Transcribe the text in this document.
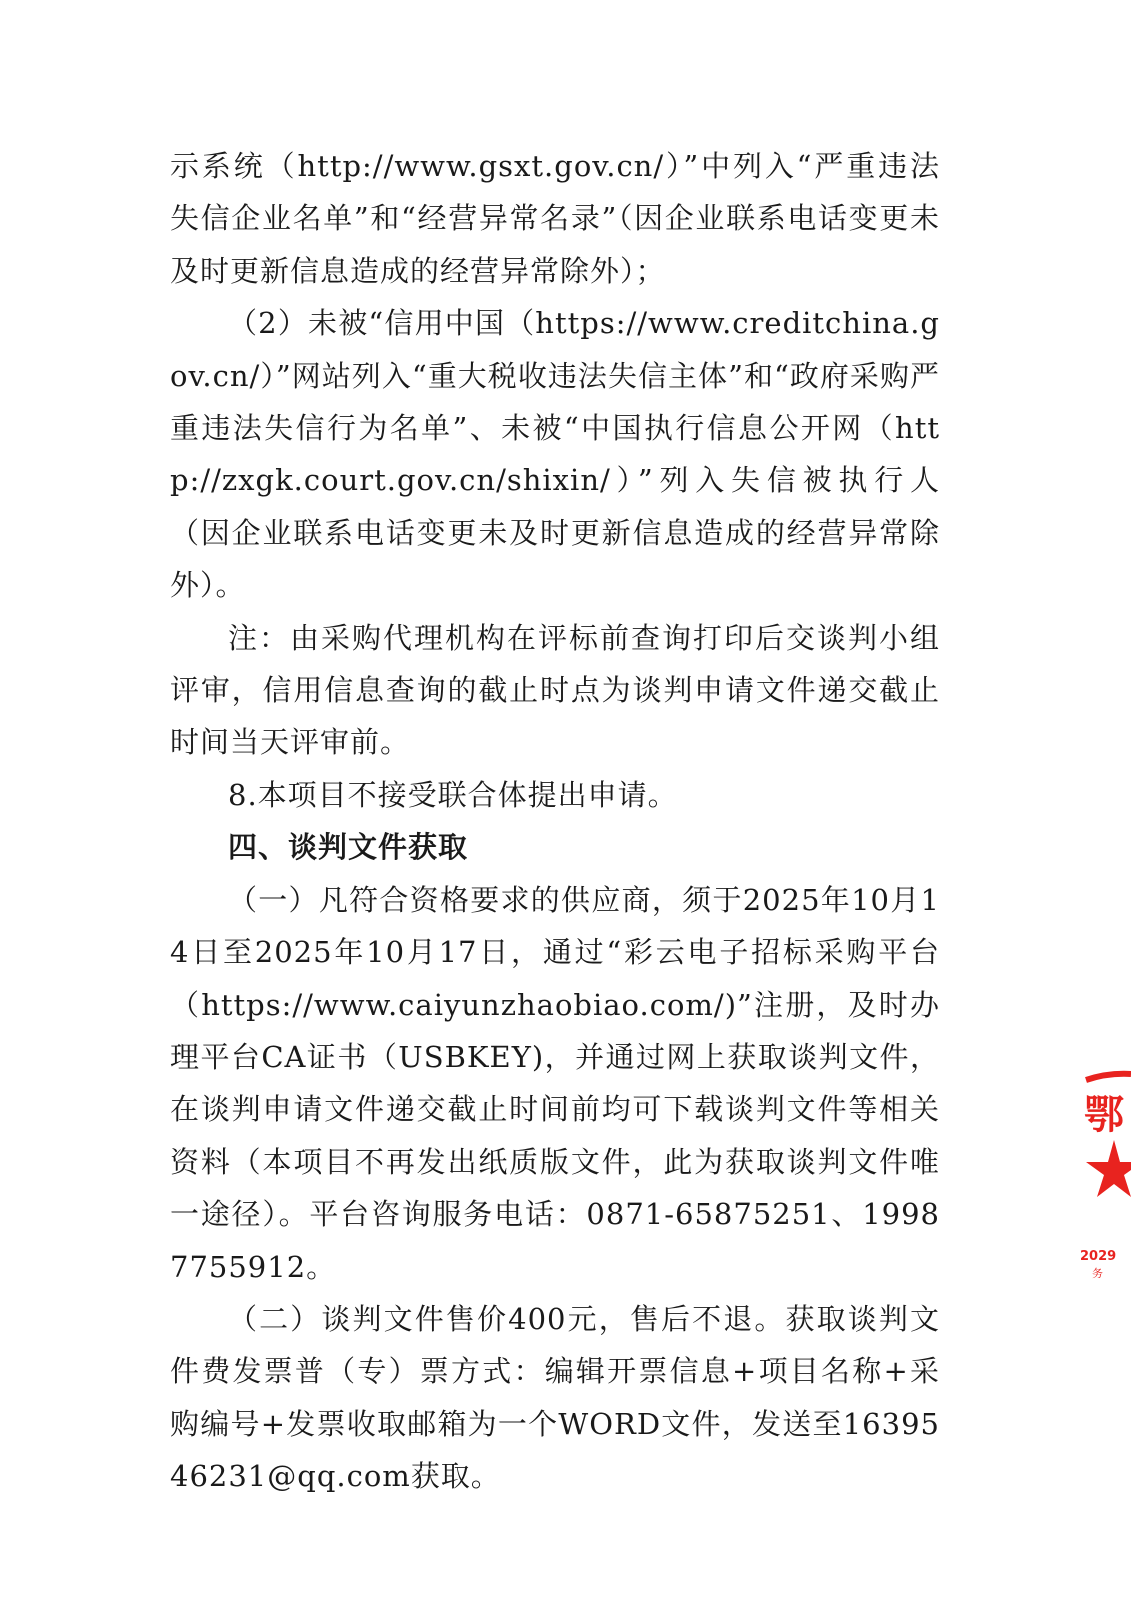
示系统（http://www.gsxt.gov.cn/）”中列入“严重违法失信企业名单”和“经营异常名录”（因企业联系电话变更未及时更新信息造成的经营异常除外）；

（2）未被“信用中国（https://www.creditchina.gov.cn/）”网站列入“重大税收违法失信主体”和“政府采购严重违法失信行为名单”、未被“中国执行信息公开网（http://zxgk.court.gov.cn/shixin/）”列入失信被执行人（因企业联系电话变更未及时更新信息造成的经营异常除外）。

注：由采购代理机构在评标前查询打印后交谈判小组评审，信用信息查询的截止时点为谈判申请文件递交截止时间当天评审前。

8.本项目不接受联合体提出申请。

四、谈判文件获取

（一）凡符合资格要求的供应商，须于2025年10月14日至2025年10月17日，通过“彩云电子招标采购平台（https://www.caiyunzhaobiao.com/)”注册，及时办理平台CA证书（USBKEY)，并通过网上获取谈判文件，在谈判申请文件递交截止时间前均可下载谈判文件等相关资料（本项目不再发出纸质版文件，此为获取谈判文件唯一途径）。平台咨询服务电话：0871-65875251、19987755912。

（二）谈判文件售价400元，售后不退。获取谈判文件费发票普（专）票方式：编辑开票信息+项目名称+采购编号+发票收取邮箱为一个WORD文件，发送至1639546231@qq.com获取。

鄂
2029
务
